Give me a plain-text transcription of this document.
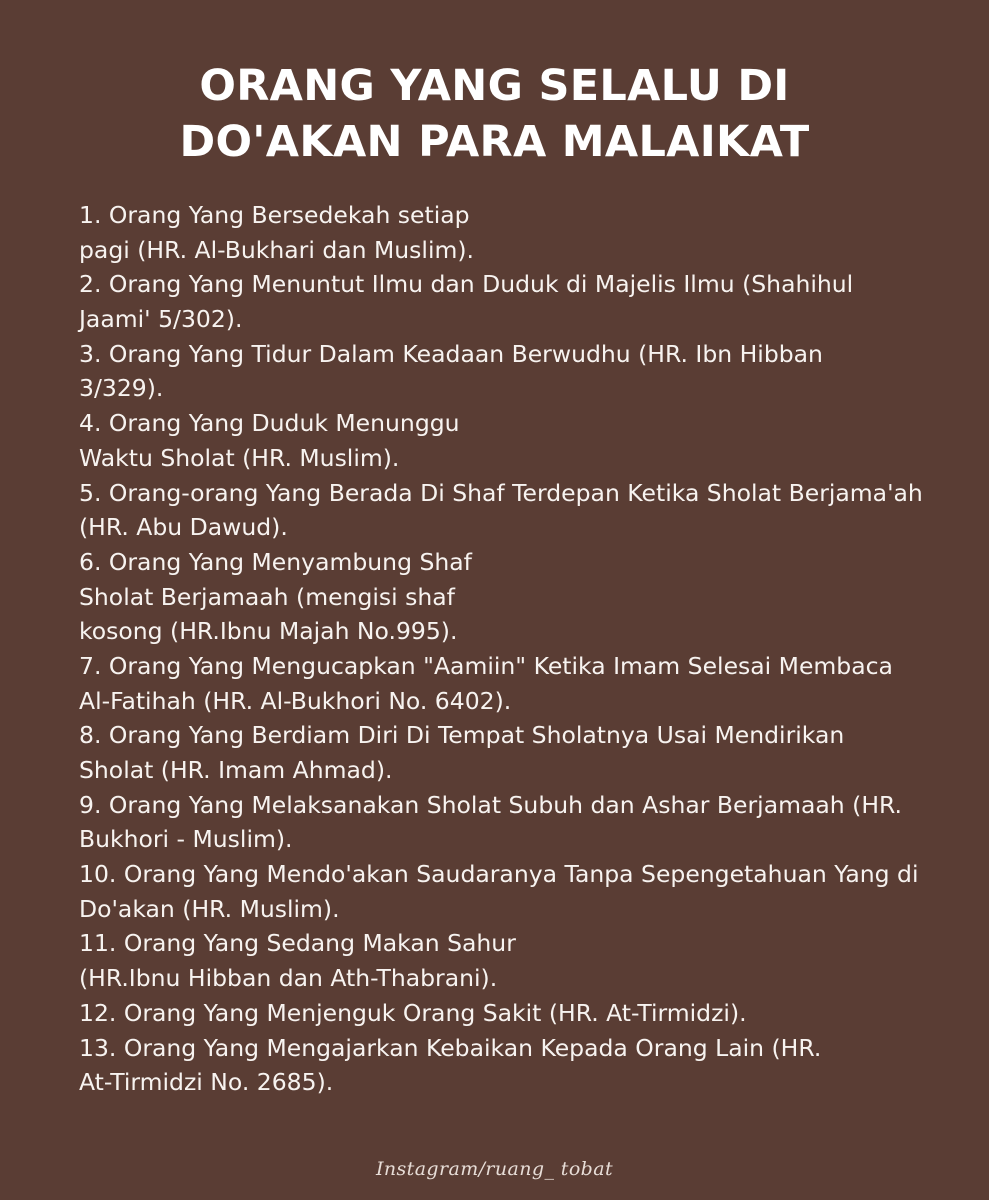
ORANG YANG SELALU DI
DO'AKAN PARA MALAIKAT
1. Orang Yang Bersedekah setiap
pagi (HR. Al-Bukhari dan Muslim).
2. Orang Yang Menuntut Ilmu dan Duduk di Majelis Ilmu (Shahihul
Jaami' 5/302).
3. Orang Yang Tidur Dalam Keadaan Berwudhu (HR. Ibn Hibban
3/329).
4. Orang Yang Duduk Menunggu
Waktu Sholat (HR. Muslim).
5. Orang-orang Yang Berada Di Shaf Terdepan Ketika Sholat Berjama'ah
(HR. Abu Dawud).
6. Orang Yang Menyambung Shaf
Sholat Berjamaah (mengisi shaf
kosong (HR.Ibnu Majah No.995).
7. Orang Yang Mengucapkan "Aamiin" Ketika Imam Selesai Membaca
Al-Fatihah (HR. Al-Bukhori No. 6402).
8. Orang Yang Berdiam Diri Di Tempat Sholatnya Usai Mendirikan
Sholat (HR. Imam Ahmad).
9. Orang Yang Melaksanakan Sholat Subuh dan Ashar Berjamaah (HR.
Bukhori - Muslim).
10. Orang Yang Mendo'akan Saudaranya Tanpa Sepengetahuan Yang di
Do'akan (HR. Muslim).
11. Orang Yang Sedang Makan Sahur
(HR.Ibnu Hibban dan Ath-Thabrani).
12. Orang Yang Menjenguk Orang Sakit (HR. At-Tirmidzi).
13. Orang Yang Mengajarkan Kebaikan Kepada Orang Lain (HR.
At-Tirmidzi No. 2685).
Instagram/ruang_ tobat
